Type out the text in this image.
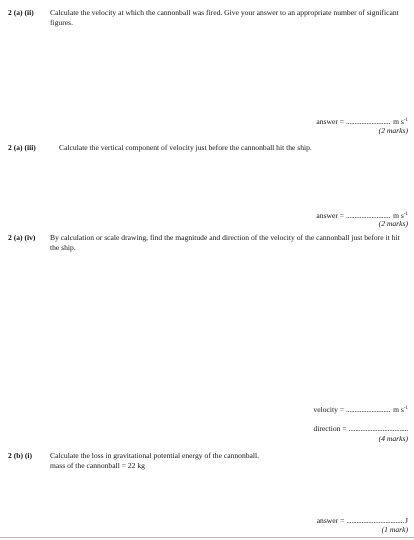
2 (a) (ii) Calculate the velocity at which the cannonball was fired. Give your answer to an appropriate number of significant figures.
answer = .......................... m $s^{-1}$
(2 marks)
2 (a) (iii)	Calculate the vertical component of velocity just before the cannonball hit the ship.
answer = .......................... m $s^{-1}$
(2 marks)
2 (a) (iv) By calculation or scale drawing, find the magnitude and direction of the velocity of the cannonball just before it hit the ship.
velocity = .......................... m $s^{-1}$
direction = ...................................
(4 marks)
2 (b) (i) Calculate the loss in gravitational potential energy of the cannonball.
mass of the cannonball = 22 kg
answer = ..................................J
(1 mark)
